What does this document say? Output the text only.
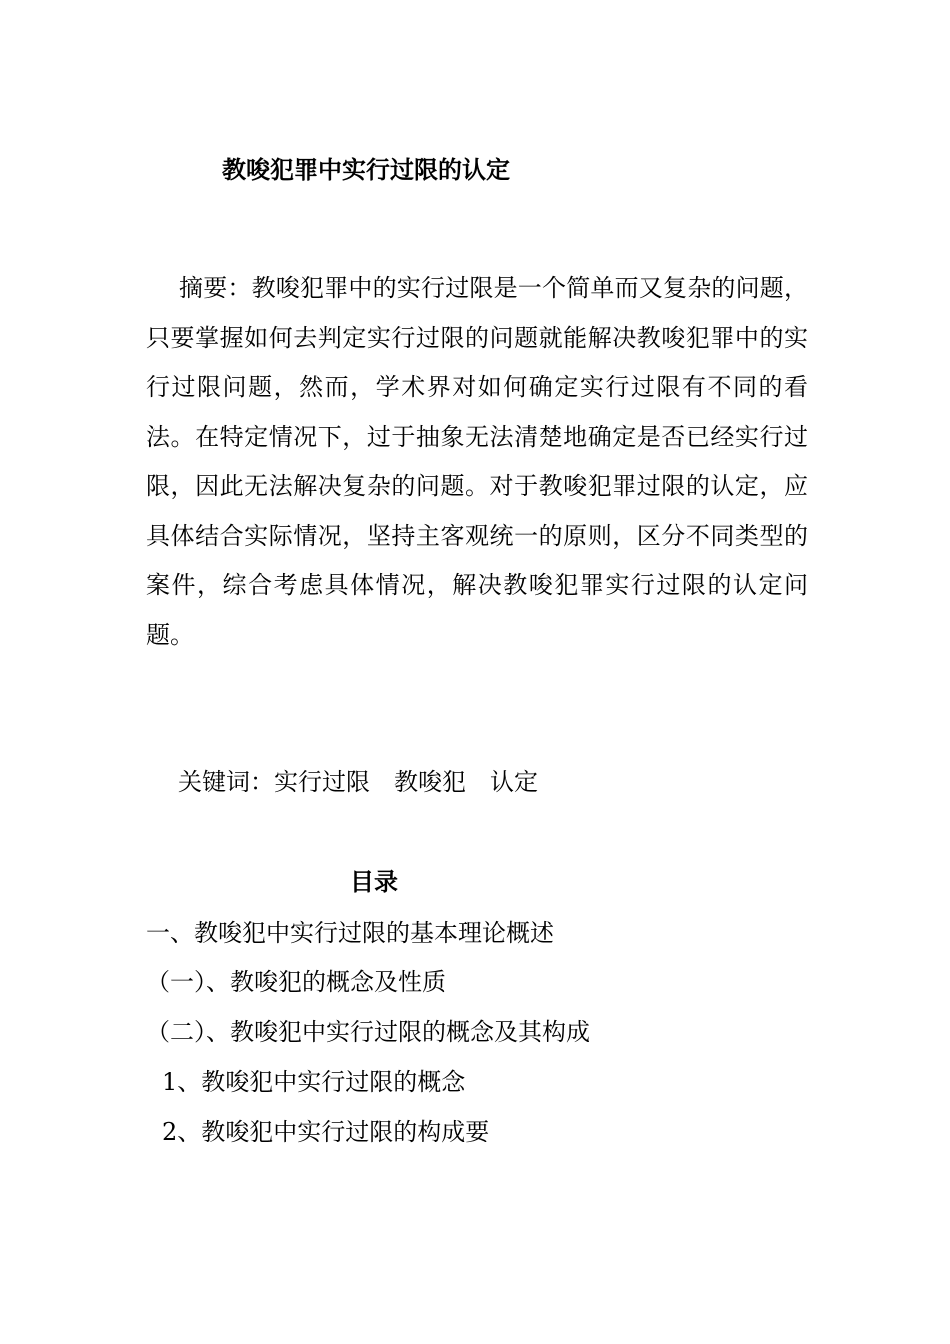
教唆犯罪中实行过限的认定

摘要：教唆犯罪中的实行过限是一个简单而又复杂的问题，只要掌握如何去判定实行过限的问题就能解决教唆犯罪中的实行过限问题，然而，学术界对如何确定实行过限有不同的看法。在特定情况下，过于抽象无法清楚地确定是否已经实行过限，因此无法解决复杂的问题。对于教唆犯罪过限的认定，应具体结合实际情况，坚持主客观统一的原则，区分不同类型的案件，综合考虑具体情况，解决教唆犯罪实行过限的认定问题。

关键词：实行过限　教唆犯　认定
目录
一、教唆犯中实行过限的基本理论概述
（一）、教唆犯的概念及性质
（二）、教唆犯中实行过限的概念及其构成
1、教唆犯中实行过限的概念
2、教唆犯中实行过限的构成要
